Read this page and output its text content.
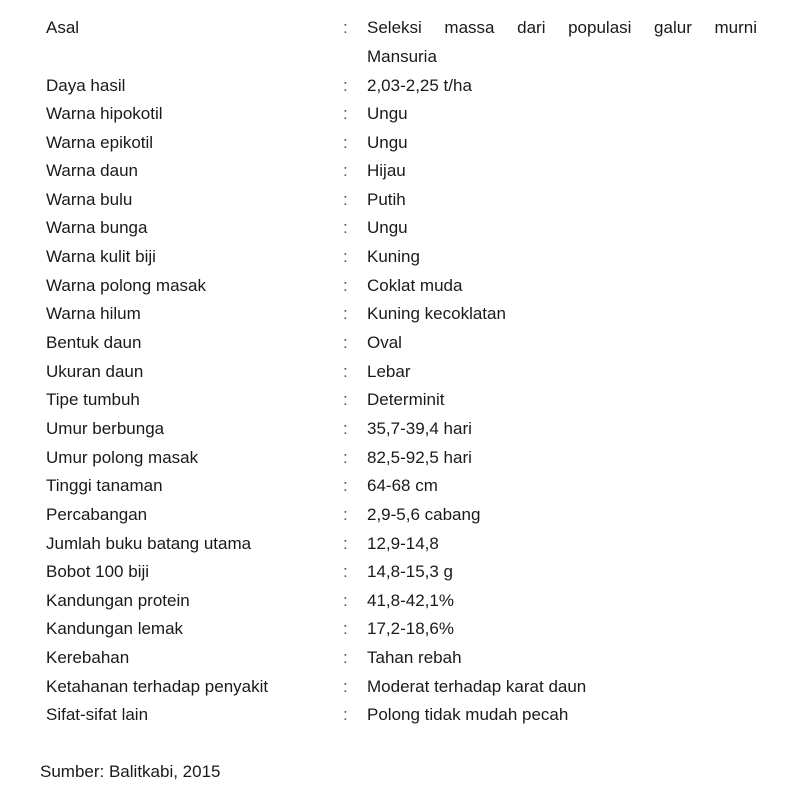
Asal	: Seleksi massa dari populasi galur murni
Mansuria
Daya hasil	: 2,03-2,25 t/ha
Warna hipokotil	: Ungu
Warna epikotil	: Ungu
Warna daun	: Hijau
Warna bulu	: Putih
Warna bunga	: Ungu
Warna kulit biji	: Kuning
Warna polong masak	: Coklat muda
Warna hilum	: Kuning kecoklatan
Bentuk daun	: Oval
Ukuran daun	: Lebar
Tipe tumbuh	: Determinit
Umur berbunga	: 35,7-39,4 hari
Umur polong masak	: 82,5-92,5 hari
Tinggi tanaman	: 64-68 cm
Percabangan	: 2,9-5,6 cabang
Jumlah buku batang utama	: 12,9-14,8
Bobot 100 biji	: 14,8-15,3 g
Kandungan protein	: 41,8-42,1%
Kandungan lemak	: 17,2-18,6%
Kerebahan	: Tahan rebah
Ketahanan terhadap penyakit	: Moderat terhadap karat daun
Sifat-sifat lain	: Polong tidak mudah pecah
Sumber: Balitkabi, 2015
